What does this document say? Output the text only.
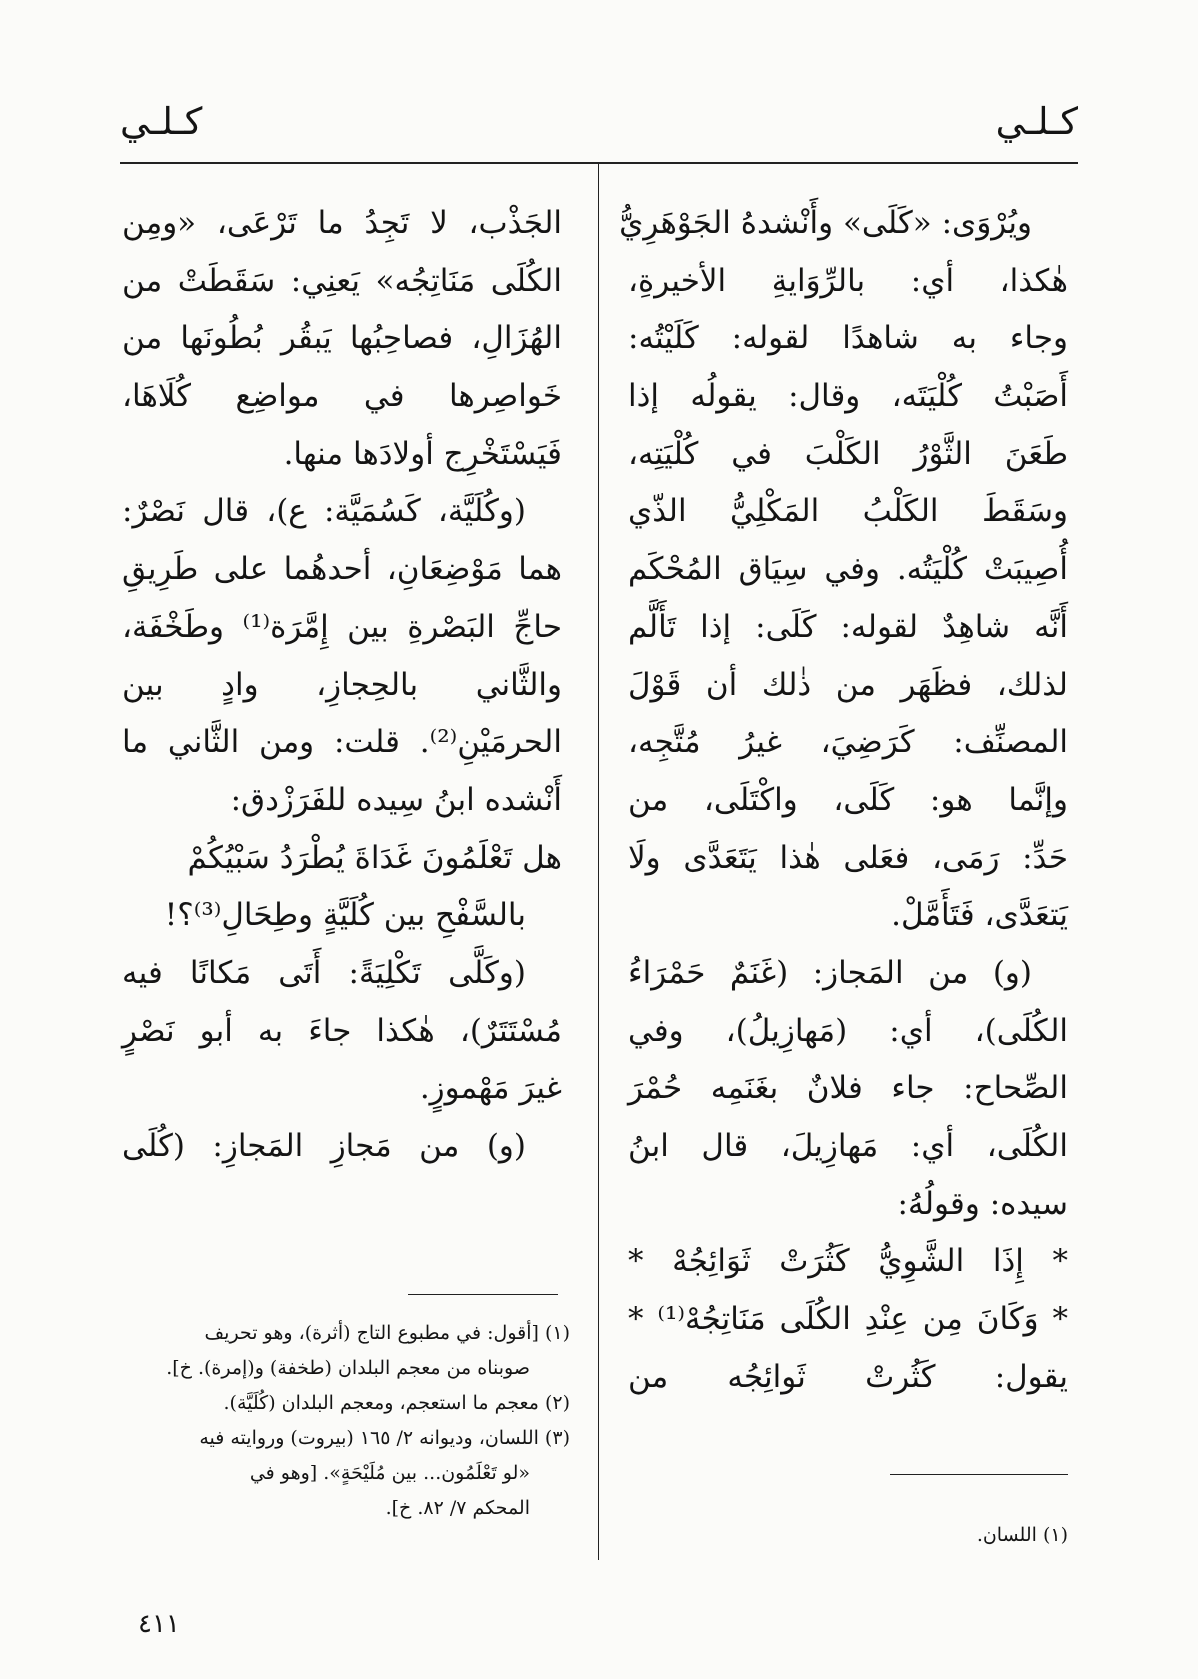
كـلـي
كـلـي
ويُرْوَى: «كَلَى» وأَنْشدهُ الجَوْهَرِيُّ
هٰكذا، أي: بالرِّوَايةِ الأخيرةِ،
وجاء به شاهدًا لقوله: كَلَيْتُه:
أَصَبْتُ كُلْيَتَه، وقال: يقولُه إذا
طَعَنَ الثَّوْرُ الكَلْبَ في كُلْيَتِه،
وسَقَطَ الكَلْبُ المَكْلِيُّ الذّي
أُصِيبَتْ كُلْيَتُه. وفي سِيَاق المُحْكَم
أَنَّه شاهِدٌ لقوله: كَلَى: إذا تَأَلَّم
لذلك، فظَهَر من ذٰلك أن قَوْلَ
المصنِّف: كَرَضِيَ، غيرُ مُتَّجِه،
وإنَّما هو: كَلَى، واكْتَلَى، من
حَدِّ: رَمَى، فعَلى هٰذا يَتَعَدَّى ولَا
يَتعَدَّى، فَتَأَمَّلْ.
(و) من المَجاز: (غَنَمٌ حَمْرَاءُ
الكُلَى)، أي: (مَهازِيلُ)، وفي
الصِّحاح: جاء فلانٌ بغَنَمِه حُمْرَ
الكُلَى، أي: مَهازِيلَ، قال ابنُ
سيده: وقولُهُ:
* إِذَا الشَّوِيُّ كَثُرَتْ ثَوَائِجُهْ *
* وَكَانَ مِن عِنْدِ الكُلَى مَنَاتِجُهْ⁽¹⁾ *
يقول: كَثُرتْ ثَوائِجُه من
(١) اللسان.
الجَذْب، لا تَجِدُ ما تَرْعَى، «ومِن
الكُلَى مَنَاتِجُه» يَعنِي: سَقَطَتْ من
الهُزَالِ، فصاحِبُها يَبقُر بُطُونَها من
خَواصِرها في مواضِع كُلَاهَا،
فَيَسْتَخْرِج أولادَها منها.
(وكُلَيَّة، كَسُمَيَّة: ع)، قال نَصْرٌ:
هما مَوْضِعَانِ، أحدهُما على طَرِيقِ
حاجِّ البَصْرةِ بين إِمَّرَة⁽¹⁾ وطَخْفَة،
والثَّاني بالحِجازِ، وادٍ بين
الحرمَيْنِ⁽²⁾. قلت: ومن الثَّاني ما
أَنْشده ابنُ سِيده للفَرَزْدق:
هل تَعْلَمُونَ غَدَاةَ يُطْرَدُ سَبْيُكُمْ
بالسَّفْحِ بين كُلَيَّةٍ وطِحَالِ⁽³⁾؟!
(وكَلَّى تَكْلِيَةً: أَتَى مَكانًا فيه
مُسْتَتَرٌ)، هٰكذا جاءَ به أبو نَصْرٍ
غيرَ مَهْموزٍ.
(و) من مَجازِ المَجازِ: (كُلَى
(١) [أقول: في مطبوع التاج (أثرة)، وهو تحريف
صوبناه من معجم البلدان (طخفة) و(إمرة). خ].
(٢) معجم ما استعجم، ومعجم البلدان (كُلَيَّة).
(٣) اللسان، وديوانه ٢/ ١٦٥ (بيروت) وروايته فيه
«لو تَعْلَمُون... بين مُلَيْحَةٍ». [وهو في
المحكم ٧/ ٨٢. خ].
٤١١
